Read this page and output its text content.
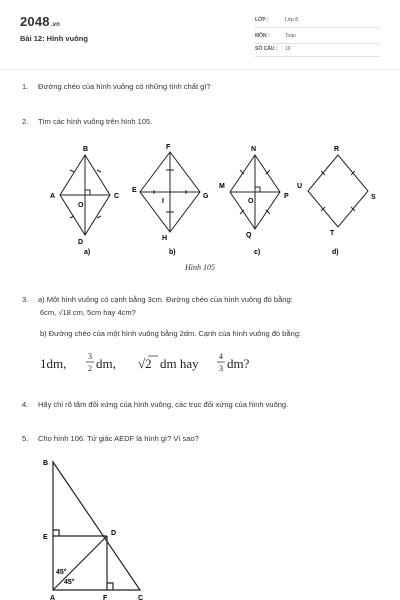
2048.vn
Bài 12: Hình vuông
LỚP :	Lớp 8
MÔN :	Toán
SỐ CÂU : 10
1. Đường chéo của hình vuông có những tính chất gì?
2. Tìm các hình vuông trên hình 105.
B
A	C
D
O
a)
F
E
G
H
I
b)
N
M
P
Q
O
c)
R
U
S
T
d)
Hình 105
3. a) Một hình vuông có cạnh bằng 3cm. Đường chéo của hình vuông đó bằng:
6cm, √18 cm, 5cm hay 4cm?
b) Đường chéo của một hình vuông bằng 2dm. Cạnh của hình vuông đó bằng:
1dm,	3
2 dm, √2 dm hay	4
3 dm?
4. Hãy chỉ rõ tâm đối xứng của hình vuông, các trục đối xứng của hình vuông.
5. Cho hình 106. Tứ giác AEDF là hình gì? Vì sao?
B
E
D
A	F	C
45°
45°
